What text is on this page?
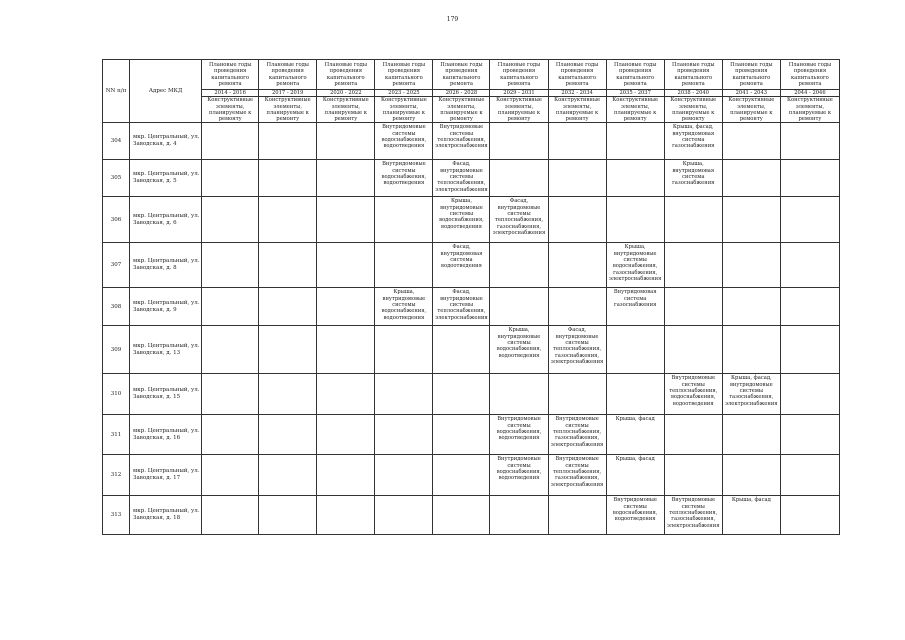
179
NN п/п	Адрес МКД	Плановые годы проведения капитального ремонта	Плановые годы проведения капитального ремонта	Плановые годы проведения капитального ремонта	Плановые годы проведения капитального ремонта	Плановые годы проведения капитального ремонта	Плановые годы проведения капитального ремонта	Плановые годы проведения капитального ремонта	Плановые годы проведения капитального ремонта	Плановые годы проведения капитального ремонта	Плановые годы проведения капитального ремонта	Плановые годы проведения капитального ремонта
		2014 - 2016	2017 - 2019	2020 - 2022	2023 - 2025	2026 - 2028	2029 - 2031	2032 - 2034	2035 - 2037	2038 - 2040	2041 - 2043	2044 - 2046
		Конструктивные элементы, планируемые к ремонту	Конструктивные элементы, планируемые к ремонту	Конструктивные элементы, планируемые к ремонту	Конструктивные элементы, планируемые к ремонту	Конструктивные элементы, планируемые к ремонту	Конструктивные элементы, планируемые к ремонту	Конструктивные элементы, планируемые к ремонту	Конструктивные элементы, планируемые к ремонту	Конструктивные элементы, планируемые к ремонту	Конструктивные элементы, планируемые к ремонту	Конструктивные элементы, планируемые к ремонту
304	мкр. Центральный, ул. Заводская, д. 4				Внутридомовые системы водоснабжения, водоотведения	Внутридомовые системы теплоснабжения, электроснабжения				Крыша, фасад, внутридомовая система газоснабжения		
305	мкр. Центральный, ул. Заводская, д. 5				Внутридомовые системы водоснабжения, водоотведения	Фасад, внутридомовые системы теплоснабжения, электроснабжения				Крыша, внутридомовая система газоснабжения		
306	мкр. Центральный, ул. Заводская, д. 6					Крыша, внутридомовые системы водоснабжения, водоотведения	Фасад, внутридомовые системы теплоснабжения, газоснабжения, электроснабжения					
307	мкр. Центральный, ул. Заводская, д. 8					Фасад, внутридомовая система водоотведения			Крыша, внутридомовые системы водоснабжения, газоснабжения, электроснабжения			
308	мкр. Центральный, ул. Заводская, д. 9				Крыша, внутридомовые системы водоснабжения, водоотведения	Фасад, внутридомовые системы теплоснабжения, электроснабжения			Внутридомовая система газоснабжения			
309	мкр. Центральный, ул. Заводская, д. 13						Крыша, внутридомовые системы водоснабжения, водоотведения	Фасад, внутридомовые системы теплоснабжения, газоснабжения, электроснабжения				
310	мкр. Центральный, ул. Заводская, д. 15									Внутридомовые системы теплоснабжения, водоснабжения, водоотведения	Крыша, фасад, внутридомовые системы газоснабжения, электроснабжения	
311	мкр. Центральный, ул. Заводская, д. 16						Внутридомовые системы водоснабжения, водоотведения	Внутридомовые системы теплоснабжения, газоснабжения, электроснабжения	Крыша, фасад			
312	мкр. Центральный, ул. Заводская, д. 17						Внутридомовые системы водоснабжения, водоотведения	Внутридомовые системы теплоснабжения, газоснабжения, электроснабжения	Крыша, фасад			
313	мкр. Центральный, ул. Заводская, д. 18								Внутридомовые системы водоснабжения, водоотведения	Внутридомовые системы теплоснабжения, газоснабжения, электроснабжения	Крыша, фасад	
